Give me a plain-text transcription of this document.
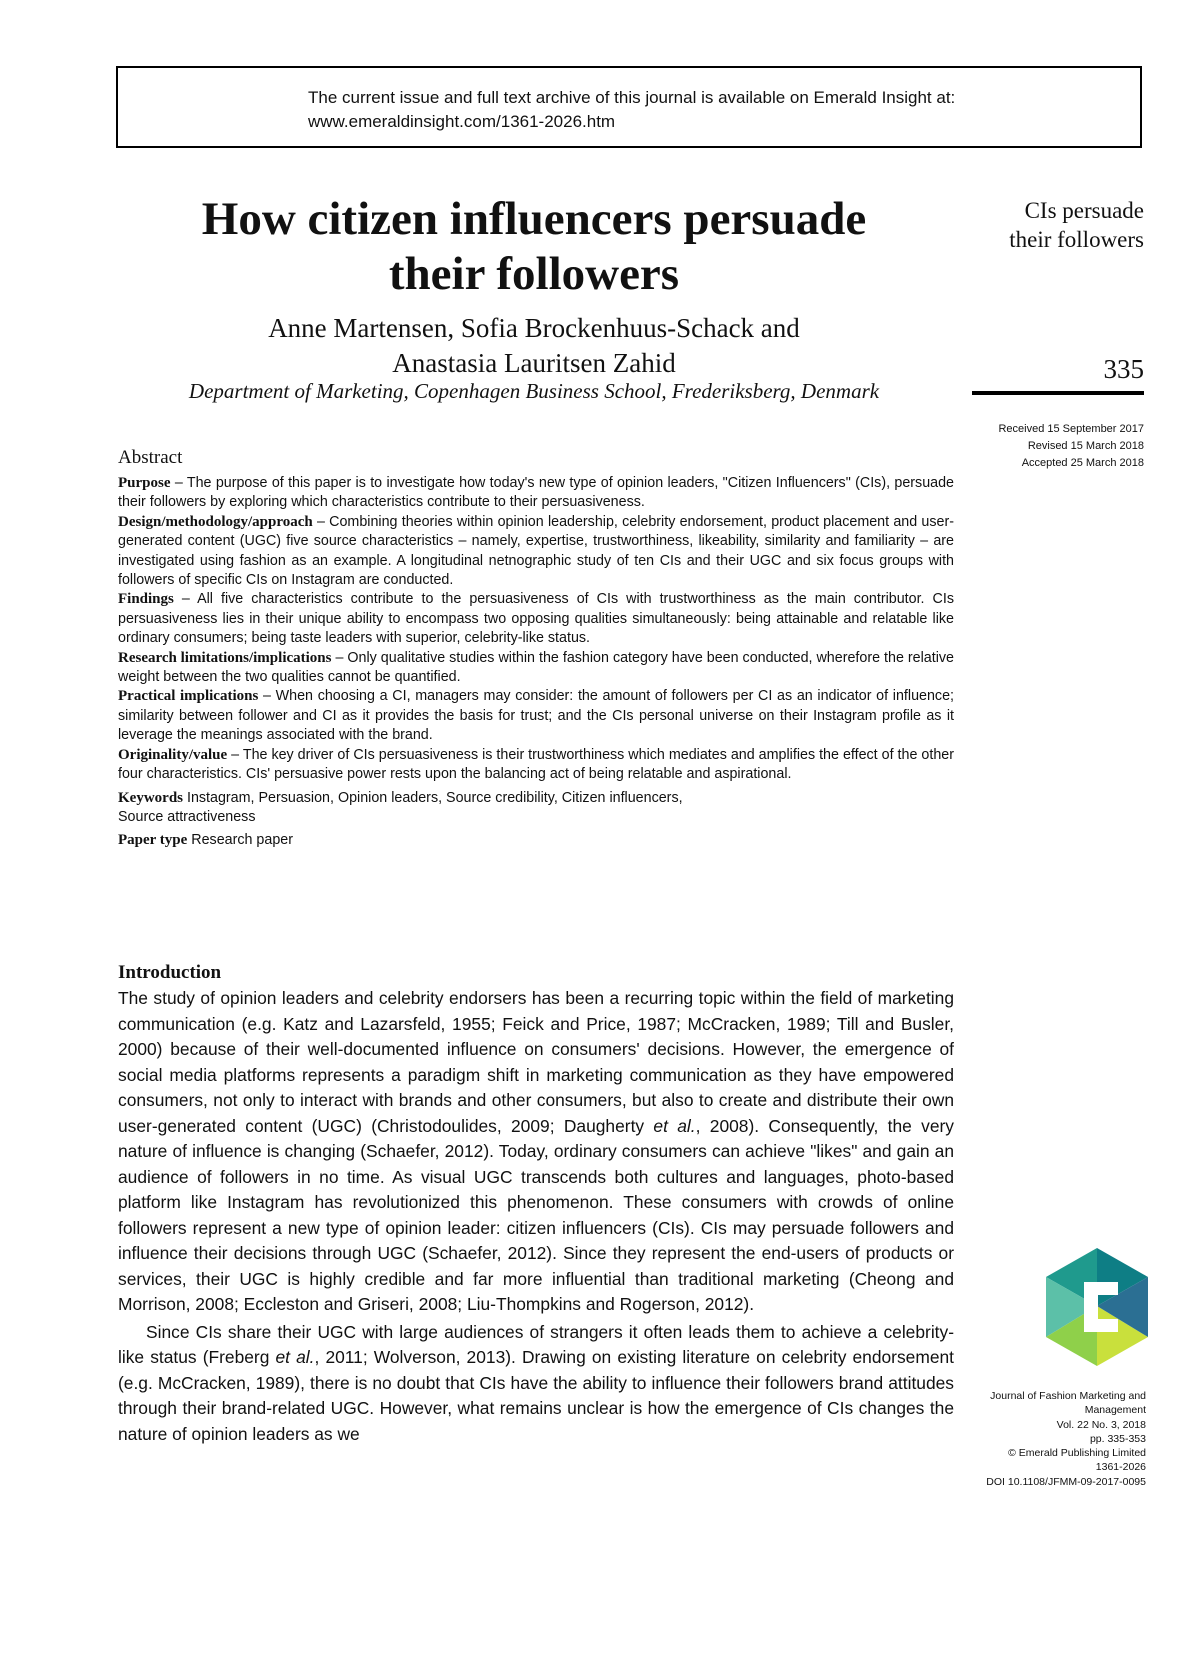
The current issue and full text archive of this journal is available on Emerald Insight at:

www.emeraldinsight.com/1361-2026.htm

How citizen influencers persuade
their followers
Anne Martensen, Sofia Brockenhuus-Schack and
Anastasia Lauritsen Zahid
Department of Marketing, Copenhagen Business School, Frederiksberg, Denmark
CIs persuade
their followers
335
Received 15 September 2017
Revised 15 March 2018
Accepted 25 March 2018
Abstract

Purpose – The purpose of this paper is to investigate how today's new type of opinion leaders, "Citizen Influencers" (CIs), persuade their followers by exploring which characteristics contribute to their persuasiveness.

Design/methodology/approach – Combining theories within opinion leadership, celebrity endorsement, product placement and user-generated content (UGC) five source characteristics – namely, expertise, trustworthiness, likeability, similarity and familiarity – are investigated using fashion as an example. A longitudinal netnographic study of ten CIs and their UGC and six focus groups with followers of specific CIs on Instagram are conducted.

Findings – All five characteristics contribute to the persuasiveness of CIs with trustworthiness as the main contributor. CIs persuasiveness lies in their unique ability to encompass two opposing qualities simultaneously: being attainable and relatable like ordinary consumers; being taste leaders with superior, celebrity-like status.

Research limitations/implications – Only qualitative studies within the fashion category have been conducted, wherefore the relative weight between the two qualities cannot be quantified.

Practical implications – When choosing a CI, managers may consider: the amount of followers per CI as an indicator of influence; similarity between follower and CI as it provides the basis for trust; and the CIs personal universe on their Instagram profile as it leverage the meanings associated with the brand.

Originality/value – The key driver of CIs persuasiveness is their trustworthiness which mediates and amplifies the effect of the other four characteristics. CIs' persuasive power rests upon the balancing act of being relatable and aspirational.

Keywords Instagram, Persuasion, Opinion leaders, Source credibility, Citizen influencers,
Source attractiveness

Paper type Research paper

Introduction

The study of opinion leaders and celebrity endorsers has been a recurring topic within the field of marketing communication (e.g. Katz and Lazarsfeld, 1955; Feick and Price, 1987; McCracken, 1989; Till and Busler, 2000) because of their well-documented influence on consumers' decisions. However, the emergence of social media platforms represents a paradigm shift in marketing communication as they have empowered consumers, not only to interact with brands and other consumers, but also to create and distribute their own user-generated content (UGC) (Christodoulides, 2009; Daugherty et al., 2008). Consequently, the very nature of influence is changing (Schaefer, 2012). Today, ordinary consumers can achieve "likes" and gain an audience of followers in no time. As visual UGC transcends both cultures and languages, photo-based platform like Instagram has revolutionized this phenomenon. These consumers with crowds of online followers represent a new type of opinion leader: citizen influencers (CIs). CIs may persuade followers and influence their decisions through UGC (Schaefer, 2012). Since they represent the end-users of products or services, their UGC is highly credible and far more influential than traditional marketing (Cheong and Morrison, 2008; Eccleston and Griseri, 2008; Liu-Thompkins and Rogerson, 2012).

Since CIs share their UGC with large audiences of strangers it often leads them to achieve a celebrity-like status (Freberg et al., 2011; Wolverson, 2013). Drawing on existing literature on celebrity endorsement (e.g. McCracken, 1989), there is no doubt that CIs have the ability to influence their followers brand attitudes through their brand-related UGC. However, what remains unclear is how the emergence of CIs changes the nature of opinion leaders as we

Journal of Fashion Marketing and
Management
Vol. 22 No. 3, 2018
pp. 335-353
© Emerald Publishing Limited
1361-2026
DOI 10.1108/JFMM-09-2017-0095
